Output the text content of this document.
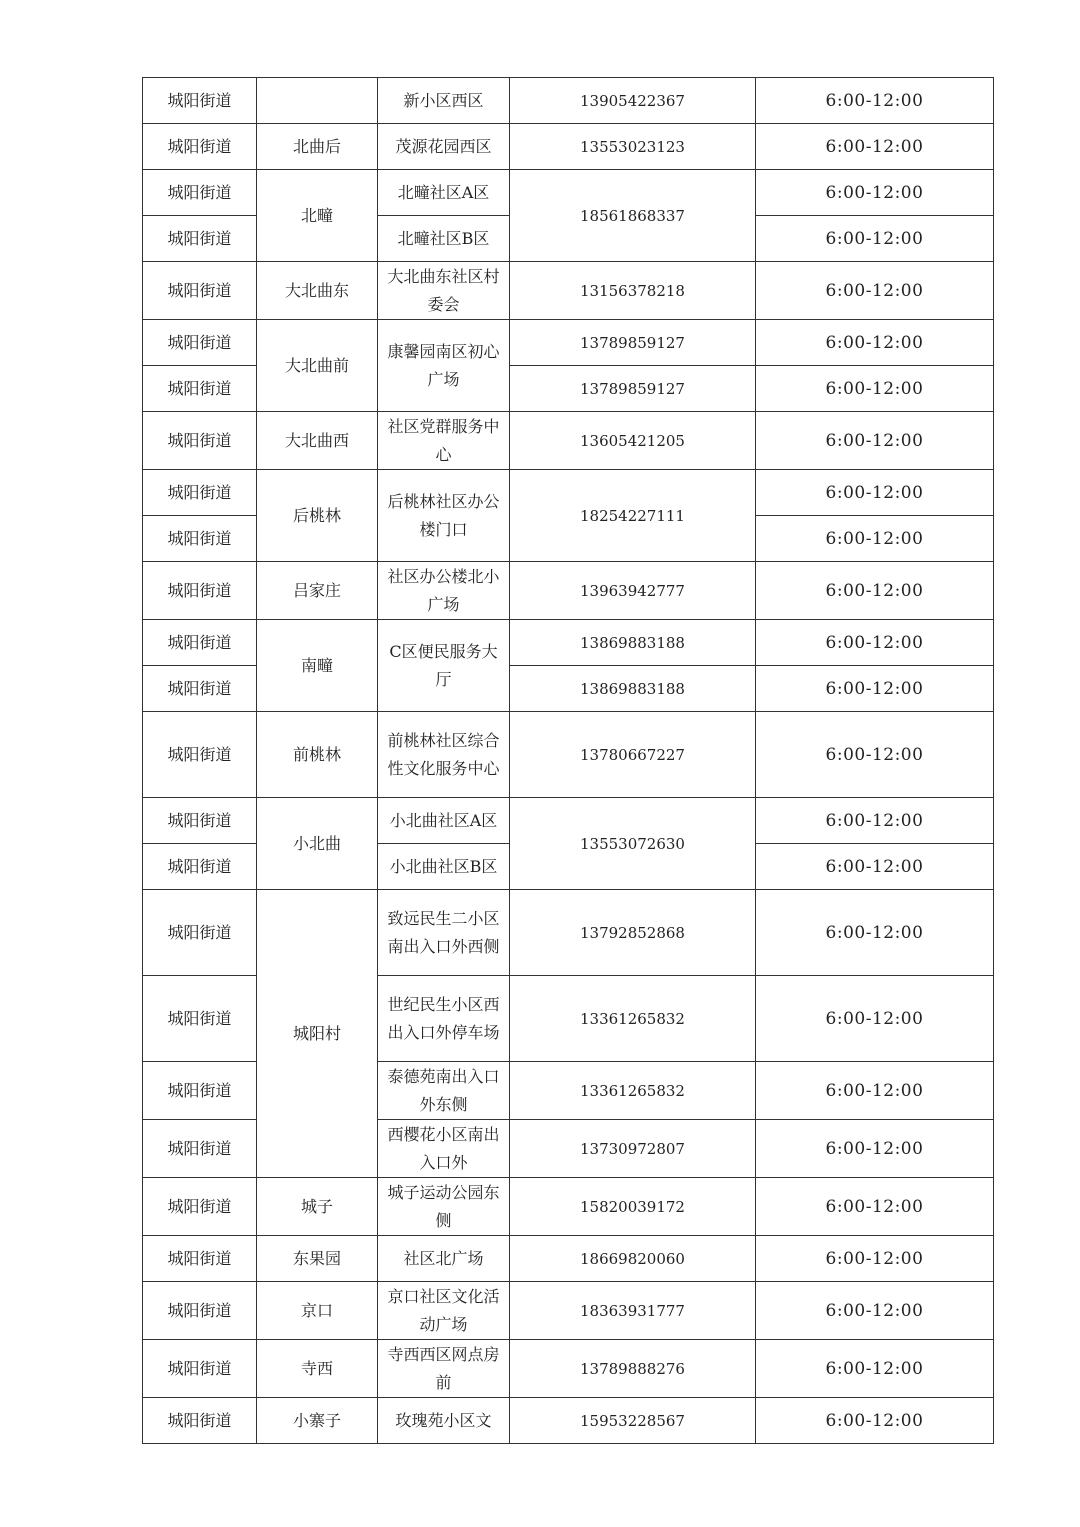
城阳街道		新小区西区	13905422367	6:00-12:00
城阳街道	北曲后	茂源花园西区	13553023123	6:00-12:00
城阳街道	北疃	北疃社区A区	18561868337	6:00-12:00
城阳街道		北疃社区B区		6:00-12:00
城阳街道	大北曲东	大北曲东社区村委会	13156378218	6:00-12:00
城阳街道	大北曲前	康馨园南区初心广场	13789859127	6:00-12:00
城阳街道			13789859127	6:00-12:00
城阳街道	大北曲西	社区党群服务中心	13605421205	6:00-12:00
城阳街道	后桃林	后桃林社区办公楼门口	18254227111	6:00-12:00
城阳街道				6:00-12:00
城阳街道	吕家庄	社区办公楼北小广场	13963942777	6:00-12:00
城阳街道	南疃	C区便民服务大厅	13869883188	6:00-12:00
城阳街道			13869883188	6:00-12:00
城阳街道	前桃林	前桃林社区综合性文化服务中心	13780667227	6:00-12:00
城阳街道	小北曲	小北曲社区A区	13553072630	6:00-12:00
城阳街道		小北曲社区B区		6:00-12:00
城阳街道	城阳村	致远民生二小区南出入口外西侧	13792852868	6:00-12:00
城阳街道		世纪民生小区西出入口外停车场	13361265832	6:00-12:00
城阳街道		泰德苑南出入口外东侧	13361265832	6:00-12:00
城阳街道		西樱花小区南出入口外	13730972807	6:00-12:00
城阳街道	城子	城子运动公园东侧	15820039172	6:00-12:00
城阳街道	东果园	社区北广场	18669820060	6:00-12:00
城阳街道	京口	京口社区文化活动广场	18363931777	6:00-12:00
城阳街道	寺西	寺西西区网点房前	13789888276	6:00-12:00
城阳街道	小寨子	玫瑰苑小区文	15953228567	6:00-12:00
